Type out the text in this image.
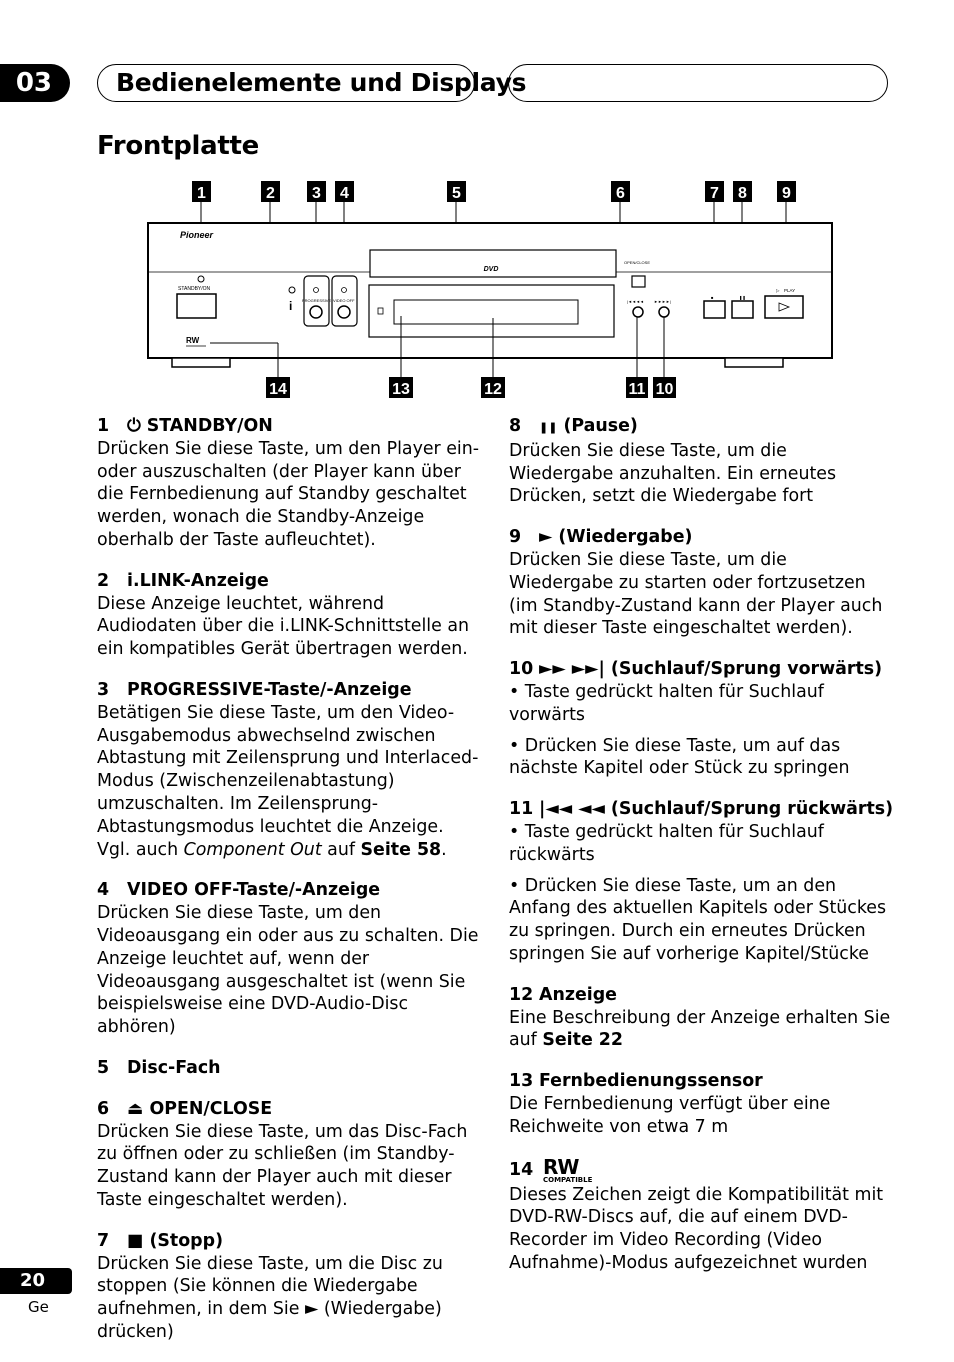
03	Bedienelemente und Displays
Frontplatte
1	2 3 4	5	6	7 8 9
Pioneer
DVD
STANDBY/ON
i PROGRESSIVE VIDEO OFF
OPEN/CLOSE
|◄◄◄◄	►►►►|
■	❚❚
▷ PLAY
RW
14	13	12	11 10
1 ⏻ STANDBY/ON
Drücken Sie diese Taste, um den Player ein- oder auszuschalten (der Player kann über die Fernbedienung auf Standby geschaltet werden, wonach die Standby-Anzeige oberhalb der Taste aufleuchtet).
2 i.LINK-Anzeige
Diese Anzeige leuchtet, während Audiodaten über die i.LINK-Schnittstelle an ein kompatibles Gerät übertragen werden.
3 PROGRESSIVE-Taste/-Anzeige
Betätigen Sie diese Taste, um den Video-Ausgabemodus abwechselnd zwischen Abtastung mit Zeilensprung und Interlaced-Modus (Zwischenzeilenabtastung) umzuschalten. Im Zeilensprung-Abtastungsmodus leuchtet die Anzeige. Vgl. auch Component Out auf Seite 58.
4 VIDEO OFF-Taste/-Anzeige
Drücken Sie diese Taste, um den Videoausgang ein oder aus zu schalten. Die Anzeige leuchtet auf, wenn der Videoausgang ausgeschaltet ist (wenn Sie beispielsweise eine DVD-Audio-Disc abhören)
5 Disc-Fach
6 ⏏ OPEN/CLOSE
Drücken Sie diese Taste, um das Disc-Fach zu öffnen oder zu schließen (im Standby-Zustand kann der Player auch mit dieser Taste eingeschaltet werden).
7 ■ (Stopp)
Drücken Sie diese Taste, um die Disc zu stoppen (Sie können die Wiedergabe aufnehmen, in dem Sie ► (Wiedergabe) drücken)
8 ❚❚ (Pause)
Drücken Sie diese Taste, um die Wiedergabe anzuhalten. Ein erneutes Drücken, setzt die Wiedergabe fort
9 ► (Wiedergabe)
Drücken Sie diese Taste, um die Wiedergabe zu starten oder fortzusetzen (im Standby-Zustand kann der Player auch mit dieser Taste eingeschaltet werden).
10 ►► ►►| (Suchlauf/Sprung vorwärts)
• Taste gedrückt halten für Suchlauf vorwärts
• Drücken Sie diese Taste, um auf das nächste Kapitel oder Stück zu springen
11 |◄◄ ◄◄ (Suchlauf/Sprung rückwärts)
• Taste gedrückt halten für Suchlauf rückwärts
• Drücken Sie diese Taste, um an den Anfang des aktuellen Kapitels oder Stückes zu springen. Durch ein erneutes Drücken springen Sie auf vorherige Kapitel/Stücke
12 Anzeige
Eine Beschreibung der Anzeige erhalten Sie auf Seite 22
13 Fernbedienungssensor
Die Fernbedienung verfügt über eine Reichweite von etwa 7 m
14 RW
COMPATIBLE
Dieses Zeichen zeigt die Kompatibilität mit DVD-RW-Discs auf, die auf einem DVD-Recorder im Video Recording (Video Aufnahme)-Modus aufgezeichnet wurden
20
Ge
